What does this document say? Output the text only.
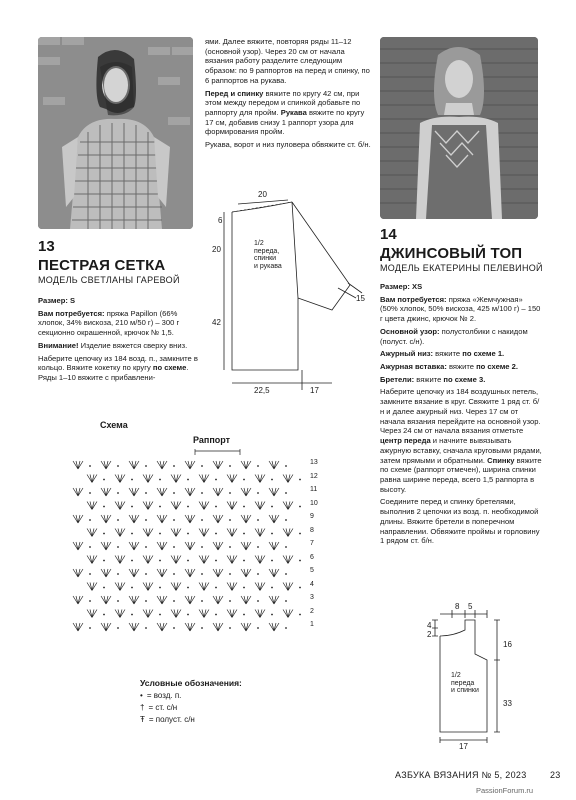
ями. Далее вяжите, повторяя ряды 11–12 (основной узор). Через 20 см от начала вязания работу разделите следующим образом: по 9 раппортов на перед и спинку, по 6 раппортов на рукава.

Перед и спинку вяжите по кругу 42 см, при этом между передом и спинкой добавьте по раппорту для пройм. Рукава вяжите по кругу 17 см, добавив снизу 1 раппорт узора для формирования пройм.

Рукава, ворот и низ пуловера обвяжите ст. б/н.

13
ПЕСТРАЯ СЕТКА
МОДЕЛЬ СВЕТЛАНЫ ГАРЕВОЙ

Размер: S

Вам потребуется: пряжа Papillon (66% хлопок, 34% вискоза, 210 м/50 г) – 300 г секционно окрашенной, крючок № 1,5.

Внимание! Изделие вяжется сверху вниз.

Наберите цепочку из 184 возд. п., замкните в кольцо. Вяжите кокетку по кругу по схеме. Ряды 1–10 вяжите с прибавлени-

20
6
20
42
15
22,5	17
1/2
переда,
спинки
и рукава
Схема
Раппорт
13
12
11
10
9
8
7
6
5
4
3
2
1
Условные обозначения:
• = возд. п.
† = ст. с/н
Ŧ = полуст. с/н
14
ДЖИНСОВЫЙ ТОП
МОДЕЛЬ ЕКАТЕРИНЫ ПЕЛЕВИНОЙ

Размер: XS

Вам потребуется: пряжа «Жемчужная» (50% хлопок, 50% вискоза, 425 м/100 г) – 150 г цвета джинс, крючок № 2.

Основной узор: полустолбики с накидом (полуст. с/н).

Ажурный низ: вяжите по схеме 1.

Ажурная вставка: вяжите по схеме 2.

Бретели: вяжите по схеме 3.

Наберите цепочку из 184 воздушных петель, замкните вязание в круг. Свяжите 1 ряд ст. б/н и далее ажурный низ. Через 17 см от начала вязания перейдите на основной узор. Через 24 см от начала вязания отметьте центр переда и начните вывязывать ажурную вставку, сначала круговыми рядами, затем прямыми и обратными. Спинку вяжите по схеме (раппорт отмечен), ширина спинки равна ширине переда, всего 1,5 раппорта в высоту.

Соедините перед и спинку бретелями, выполнив 2 цепочки из возд. п. необходимой длины. Вяжите бретели в поперечном направлении. Обвяжите проймы и горловину 1 рядом ст. б/н.

8 5
4
2
16
33
17
1/2
переда
и спинки
АЗБУКА ВЯЗАНИЯ № 5, 2023	23
PassionForum.ru
